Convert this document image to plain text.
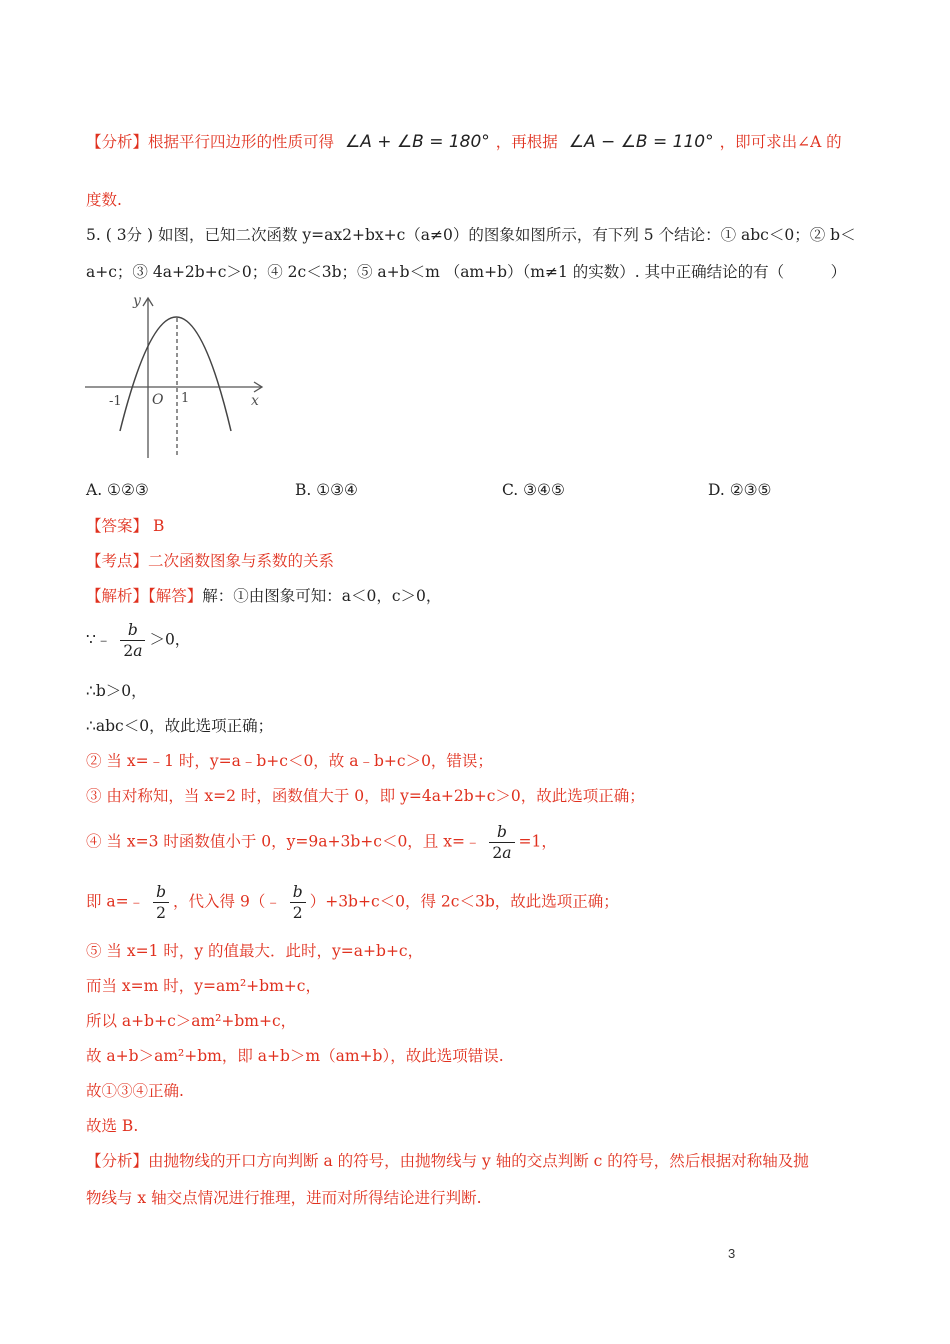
【分析】根据平行四边形的性质可得 ∠A + ∠B = 180° ，再根据 ∠A − ∠B = 110° ，即可求出∠A 的
度数.
5. ( 3分 ) 如图，已知二次函数 y=ax2+bx+c（a≠0）的图象如图所示，有下列 5 个结论：① abc＜0；② b＜
a+c；③ 4a+2b+c＞0；④ 2c＜3b；⑤ a+b＜m （am+b）（m≠1 的实数）. 其中正确结论的有（　　　）
y
x
O
-1	1
A. ①②③	B. ①③④	C. ③④⑤	D. ②③⑤
【答案】 B
【考点】二次函数图象与系数的关系
【解析】【解答】解：①由图象可知：a＜0，c＞0，
∵﹣ $\frac{b}{2a} >0$，
∴b＞0，
∴abc＜0，故此选项正确；
② 当 x=﹣1 时，y=a﹣b+c＜0，故 a﹣b+c＞0，错误；
③ 由对称知，当 x=2 时，函数值大于 0，即 y=4a+2b+c＞0，故此选项正确；
④ 当 x=3 时函数值小于 0，y=9a+3b+c＜0，且 x=﹣ $\frac{b}{2a} =1$，
即 a=﹣ $\frac{b}{2}$ ，代入得 9（﹣ $\frac{b}{2} )+3b+c<0$，得 2c＜3b，故此选项正确；
⑤ 当 x=1 时，y 的值最大．此时，y=a+b+c，
而当 x=m 时，y=am²+bm+c，
所以 a+b+c＞am²+bm+c，
故 a+b＞am²+bm，即 a+b＞m（am+b），故此选项错误.
故①③④正确.
故选 B.
【分析】由抛物线的开口方向判断 a 的符号，由抛物线与 y 轴的交点判断 c 的符号，然后根据对称轴及抛
物线与 x 轴交点情况进行推理，进而对所得结论进行判断.
3
